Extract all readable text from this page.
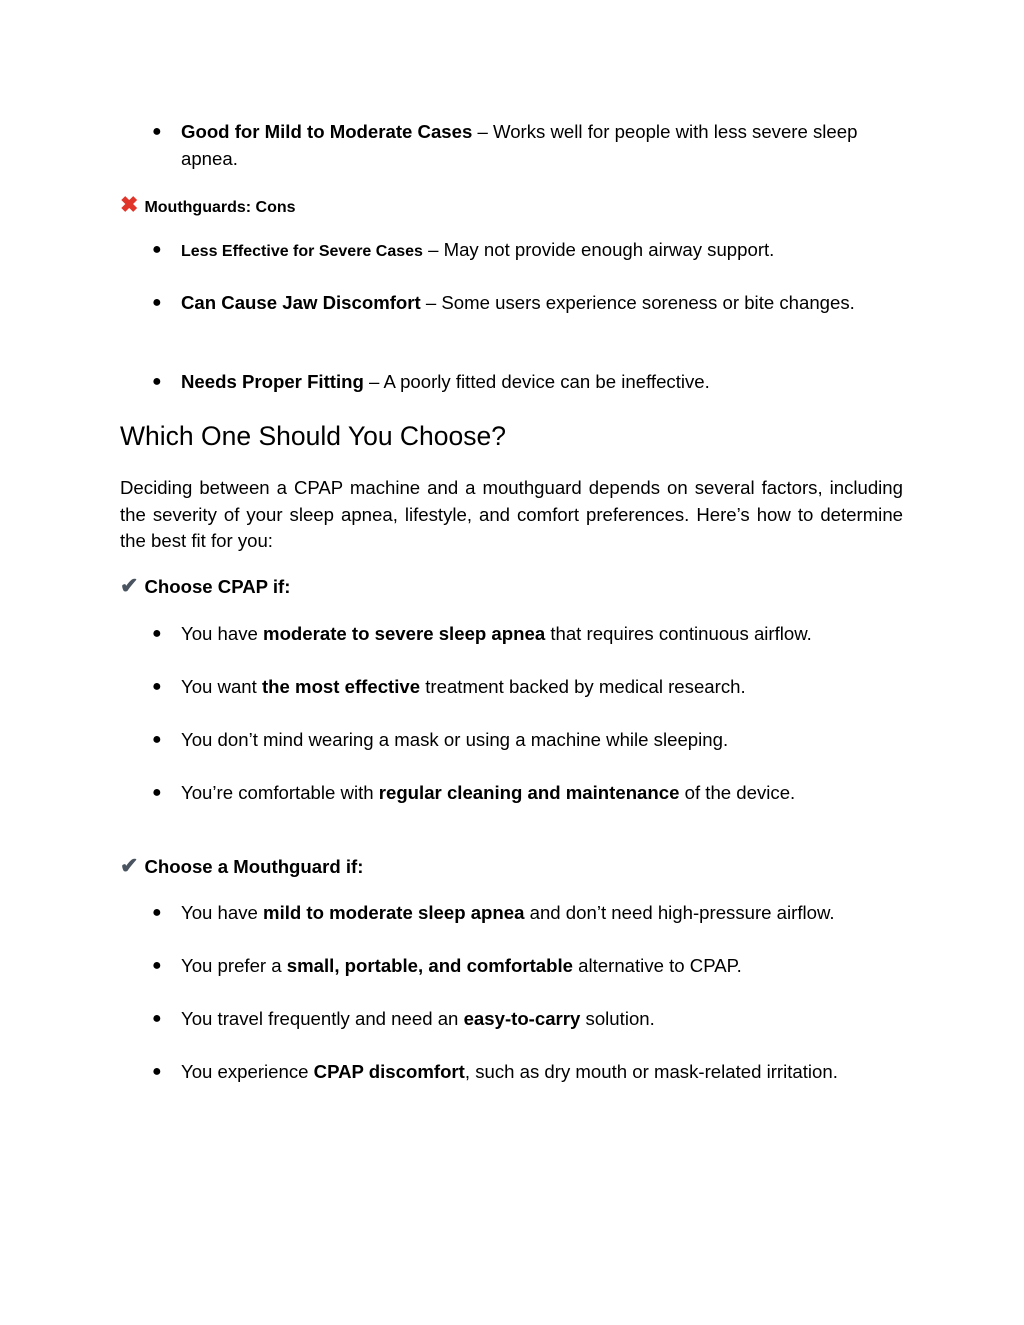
● Good for Mild to Moderate Cases – Works well for people with less severe sleep apnea.
✖ Mouthguards: Cons
● Less Effective for Severe Cases – May not provide enough airway support.
● Can Cause Jaw Discomfort – Some users experience soreness or bite changes.
● Needs Proper Fitting – A poorly fitted device can be ineffective.
Which One Should You Choose?

Deciding between a CPAP machine and a mouthguard depends on several factors, including the severity of your sleep apnea, lifestyle, and comfort preferences. Here’s how to determine the best fit for you:

✔ Choose CPAP if:
● You have moderate to severe sleep apnea that requires continuous airflow.
● You want the most effective treatment backed by medical research.
● You don’t mind wearing a mask or using a machine while sleeping.
● You’re comfortable with regular cleaning and maintenance of the device.
✔ Choose a Mouthguard if:
● You have mild to moderate sleep apnea and don’t need high-pressure airflow.
● You prefer a small, portable, and comfortable alternative to CPAP.
● You travel frequently and need an easy-to-carry solution.
● You experience CPAP discomfort, such as dry mouth or mask-related irritation.
